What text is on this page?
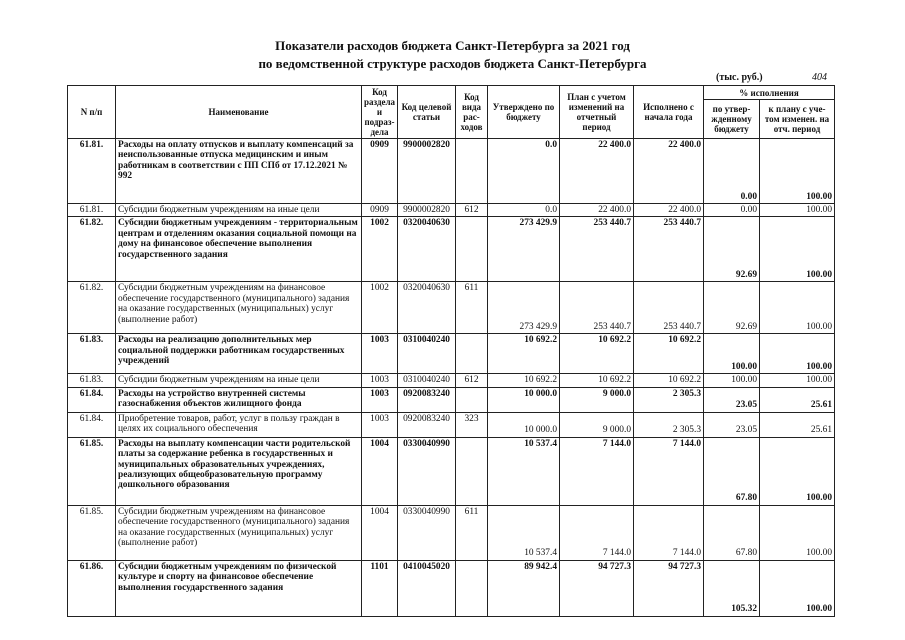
Показатели расходов бюджета Санкт-Петербурга за 2021 год
по ведомственной структуре расходов бюджета Санкт-Петербурга
(тыс. руб.)	404
N п/п	Наименование	Код раздела и подраз-дела	Код целевой статьи	Код вида рас-ходов	Утверждено по бюджету	План с учетом изменений на отчетный период	Исполнено с начала года	% исполнения	
								по утвер-жденному бюджету	к плану с уче-том изменен. на отч. период
61.81.	Расходы на оплату отпусков и выплату компенсаций за неиспользованные отпуска медицинским и иным работникам в соответствии с ПП СПб от 17.12.2021 № 992	0909	9900002820		0.0	22 400.0	22 400.0	0.00	100.00
61.81.	Субсидии бюджетным учреждениям на иные цели	0909	9900002820	612	0.0	22 400.0	22 400.0	0.00	100.00
61.82.	Субсидии бюджетным учреждениям - территориальным центрам и отделениям оказания социальной помощи на дому на финансовое обеспечение выполнения государственного задания	1002	0320040630		273 429.9	253 440.7	253 440.7	92.69	100.00
61.82.	Субсидии бюджетным учреждениям на финансовое обеспечение государственного (муниципального) задания на оказание государственных (муниципальных) услуг (выполнение работ)	1002	0320040630	611	273 429.9	253 440.7	253 440.7	92.69	100.00
61.83.	Расходы на реализацию дополнительных мер социальной поддержки работникам государственных учреждений	1003	0310040240		10 692.2	10 692.2	10 692.2	100.00	100.00
61.83.	Субсидии бюджетным учреждениям на иные цели	1003	0310040240	612	10 692.2	10 692.2	10 692.2	100.00	100.00
61.84.	Расходы на устройство внутренней системы газоснабжения объектов жилищного фонда	1003	0920083240		10 000.0	9 000.0	2 305.3	23.05	25.61
61.84.	Приобретение товаров, работ, услуг в пользу граждан в целях их социального обеспечения	1003	0920083240	323	10 000.0	9 000.0	2 305.3	23.05	25.61
61.85.	Расходы на выплату компенсации части родительской платы за содержание ребенка в государственных и муниципальных образовательных учреждениях, реализующих общеобразовательную программу дошкольного образования	1004	0330040990		10 537.4	7 144.0	7 144.0	67.80	100.00
61.85.	Субсидии бюджетным учреждениям на финансовое обеспечение государственного (муниципального) задания на оказание государственных (муниципальных) услуг (выполнение работ)	1004	0330040990	611	10 537.4	7 144.0	7 144.0	67.80	100.00
61.86.	Субсидии бюджетным учреждениям по физической культуре и спорту на финансовое обеспечение выполнения государственного задания	1101	0410045020		89 942.4	94 727.3	94 727.3	105.32	100.00
